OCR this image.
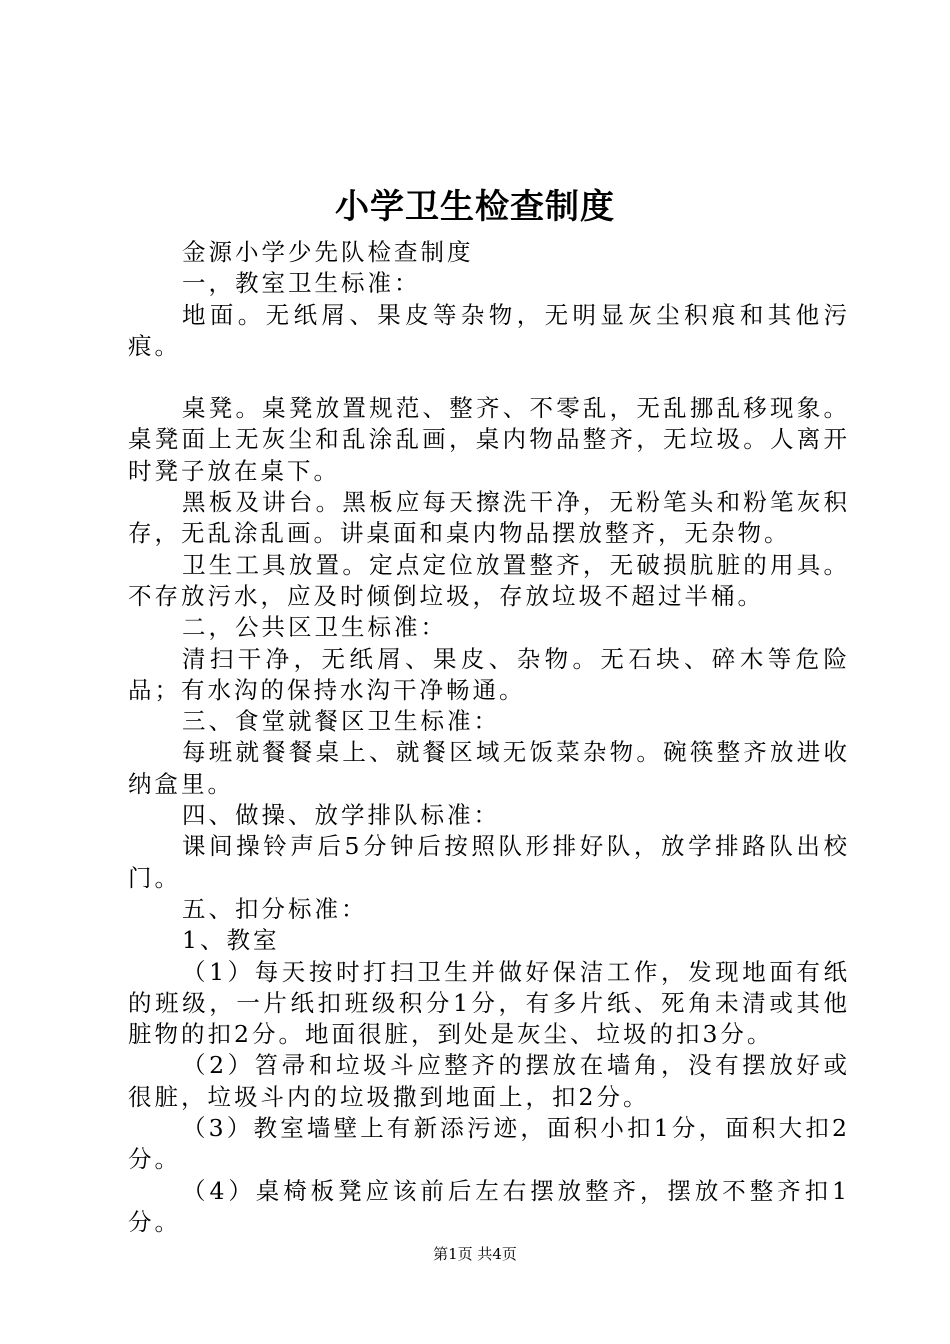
小学卫生检查制度

金源小学少先队检查制度

一，教室卫生标准：

地面。无纸屑、果皮等杂物，无明显灰尘积痕和其他污痕。

桌凳。桌凳放置规范、整齐、不零乱，无乱挪乱移现象。桌凳面上无灰尘和乱涂乱画，桌内物品整齐，无垃圾。人离开时凳子放在桌下。

黑板及讲台。黑板应每天擦洗干净，无粉笔头和粉笔灰积存，无乱涂乱画。讲桌面和桌内物品摆放整齐，无杂物。

卫生工具放置。定点定位放置整齐，无破损肮脏的用具。不存放污水，应及时倾倒垃圾，存放垃圾不超过半桶。

二，公共区卫生标准：

清扫干净，无纸屑、果皮、杂物。无石块、碎木等危险品；有水沟的保持水沟干净畅通。

三、食堂就餐区卫生标准：

每班就餐餐桌上、就餐区域无饭菜杂物。碗筷整齐放进收纳盒里。

四、做操、放学排队标准：

课间操铃声后5分钟后按照队形排好队，放学排路队出校门。

五、扣分标准：

1、教室

（1）每天按时打扫卫生并做好保洁工作，发现地面有纸的班级，一片纸扣班级积分1分，有多片纸、死角未清或其他脏物的扣2分。地面很脏，到处是灰尘、垃圾的扣3分。

（2）笤帚和垃圾斗应整齐的摆放在墙角，没有摆放好或很脏，垃圾斗内的垃圾撒到地面上，扣2分。

（3）教室墙壁上有新添污迹，面积小扣1分，面积大扣2分。

（4）桌椅板凳应该前后左右摆放整齐，摆放不整齐扣1分。

第1页 共4页
